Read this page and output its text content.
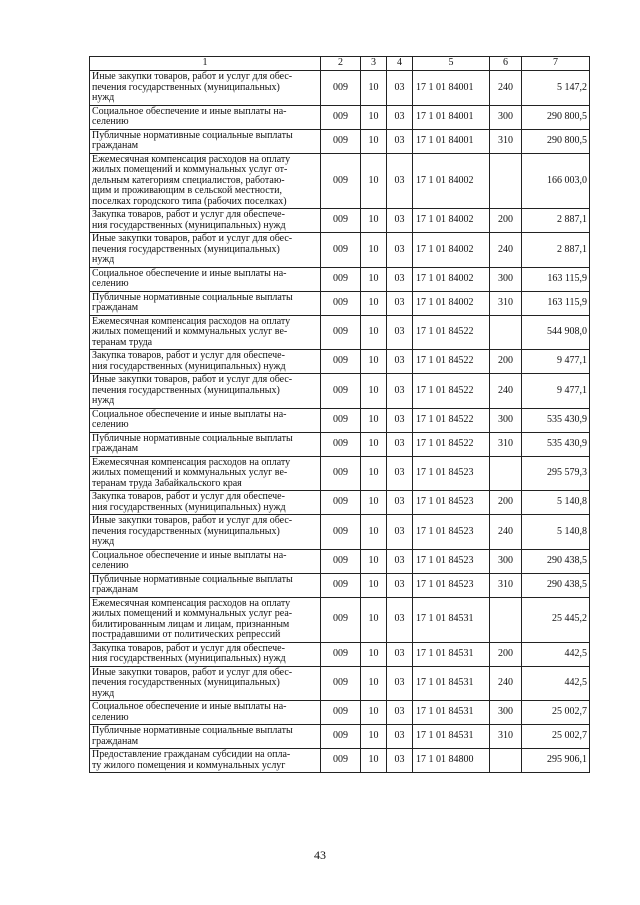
1	2	3	4	5	6	7
Иные закупки товаров, работ и услуг для обес-
печения государственных (муниципальных)
нужд	009	10	03	17 1 01 84001	240	5 147,2
Социальное обеспечение и иные выплаты на-
селению	009	10	03	17 1 01 84001	300	290 800,5
Публичные нормативные социальные выплаты
гражданам	009	10	03	17 1 01 84001	310	290 800,5
Ежемесячная компенсация расходов на оплату
жилых помещений и коммунальных услуг от-
дельным категориям специалистов, работаю-
щим и проживающим в сельской местности,
поселках городского типа (рабочих поселках)	009	10	03	17 1 01 84002		166 003,0
Закупка товаров, работ и услуг для обеспече-
ния государственных (муниципальных) нужд	009	10	03	17 1 01 84002	200	2 887,1
Иные закупки товаров, работ и услуг для обес-
печения государственных (муниципальных)
нужд	009	10	03	17 1 01 84002	240	2 887,1
Социальное обеспечение и иные выплаты на-
селению	009	10	03	17 1 01 84002	300	163 115,9
Публичные нормативные социальные выплаты
гражданам	009	10	03	17 1 01 84002	310	163 115,9
Ежемесячная компенсация расходов на оплату
жилых помещений и коммунальных услуг ве-
теранам труда	009	10	03	17 1 01 84522		544 908,0
Закупка товаров, работ и услуг для обеспече-
ния государственных (муниципальных) нужд	009	10	03	17 1 01 84522	200	9 477,1
Иные закупки товаров, работ и услуг для обес-
печения государственных (муниципальных)
нужд	009	10	03	17 1 01 84522	240	9 477,1
Социальное обеспечение и иные выплаты на-
селению	009	10	03	17 1 01 84522	300	535 430,9
Публичные нормативные социальные выплаты
гражданам	009	10	03	17 1 01 84522	310	535 430,9
Ежемесячная компенсация расходов на оплату
жилых помещений и коммунальных услуг ве-
теранам труда Забайкальского края	009	10	03	17 1 01 84523		295 579,3
Закупка товаров, работ и услуг для обеспече-
ния государственных (муниципальных) нужд	009	10	03	17 1 01 84523	200	5 140,8
Иные закупки товаров, работ и услуг для обес-
печения государственных (муниципальных)
нужд	009	10	03	17 1 01 84523	240	5 140,8
Социальное обеспечение и иные выплаты на-
селению	009	10	03	17 1 01 84523	300	290 438,5
Публичные нормативные социальные выплаты
гражданам	009	10	03	17 1 01 84523	310	290 438,5
Ежемесячная компенсация расходов на оплату
жилых помещений и коммунальных услуг реа-
билитированным лицам и лицам, признанным
пострадавшими от политических репрессий	009	10	03	17 1 01 84531		25 445,2
Закупка товаров, работ и услуг для обеспече-
ния государственных (муниципальных) нужд	009	10	03	17 1 01 84531	200	442,5
Иные закупки товаров, работ и услуг для обес-
печения государственных (муниципальных)
нужд	009	10	03	17 1 01 84531	240	442,5
Социальное обеспечение и иные выплаты на-
селению	009	10	03	17 1 01 84531	300	25 002,7
Публичные нормативные социальные выплаты
гражданам	009	10	03	17 1 01 84531	310	25 002,7
Предоставление гражданам субсидии на опла-
ту жилого помещения и коммунальных услуг	009	10	03	17 1 01 84800		295 906,1
43
